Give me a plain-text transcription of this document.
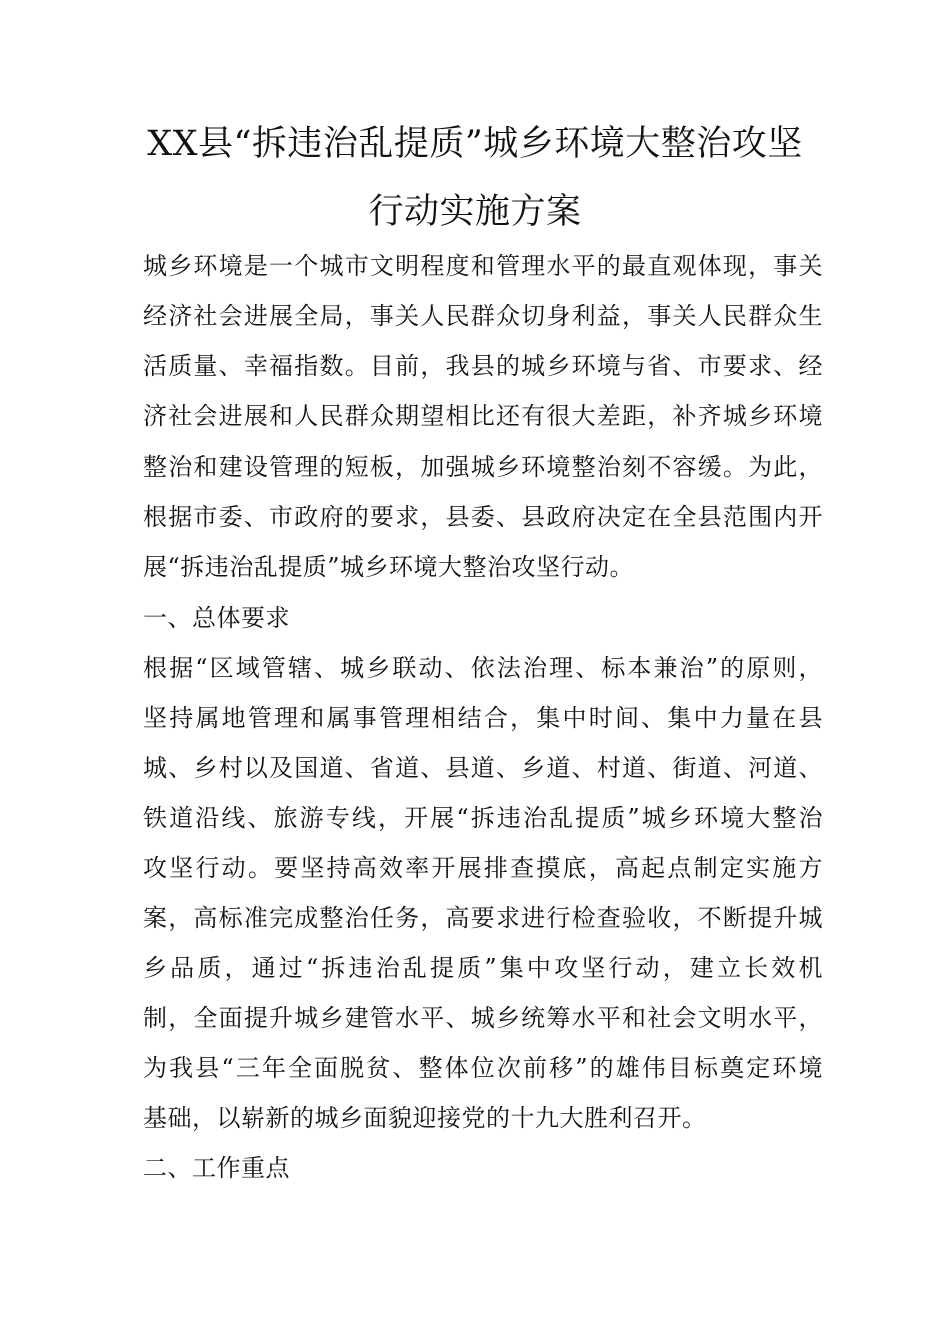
XX县“拆违治乱提质”城乡环境大整治攻坚
行动实施方案

城乡环境是一个城市文明程度和管理水平的最直观体现，事关

经济社会进展全局，事关人民群众切身利益，事关人民群众生

活质量、幸福指数。目前，我县的城乡环境与省、市要求、经

济社会进展和人民群众期望相比还有很大差距，补齐城乡环境

整治和建设管理的短板，加强城乡环境整治刻不容缓。为此，

根据市委、市政府的要求，县委、县政府决定在全县范围内开

展“拆违治乱提质”城乡环境大整治攻坚行动。

一、总体要求

根据“区域管辖、城乡联动、依法治理、标本兼治”的原则，

坚持属地管理和属事管理相结合，集中时间、集中力量在县

城、乡村以及国道、省道、县道、乡道、村道、街道、河道、

铁道沿线、旅游专线，开展“拆违治乱提质”城乡环境大整治

攻坚行动。要坚持高效率开展排查摸底，高起点制定实施方

案，高标准完成整治任务，高要求进行检查验收，不断提升城

乡品质，通过“拆违治乱提质”集中攻坚行动，建立长效机

制，全面提升城乡建管水平、城乡统筹水平和社会文明水平，

为我县“三年全面脱贫、整体位次前移”的雄伟目标奠定环境

基础，以崭新的城乡面貌迎接党的十九大胜利召开。

二、工作重点
